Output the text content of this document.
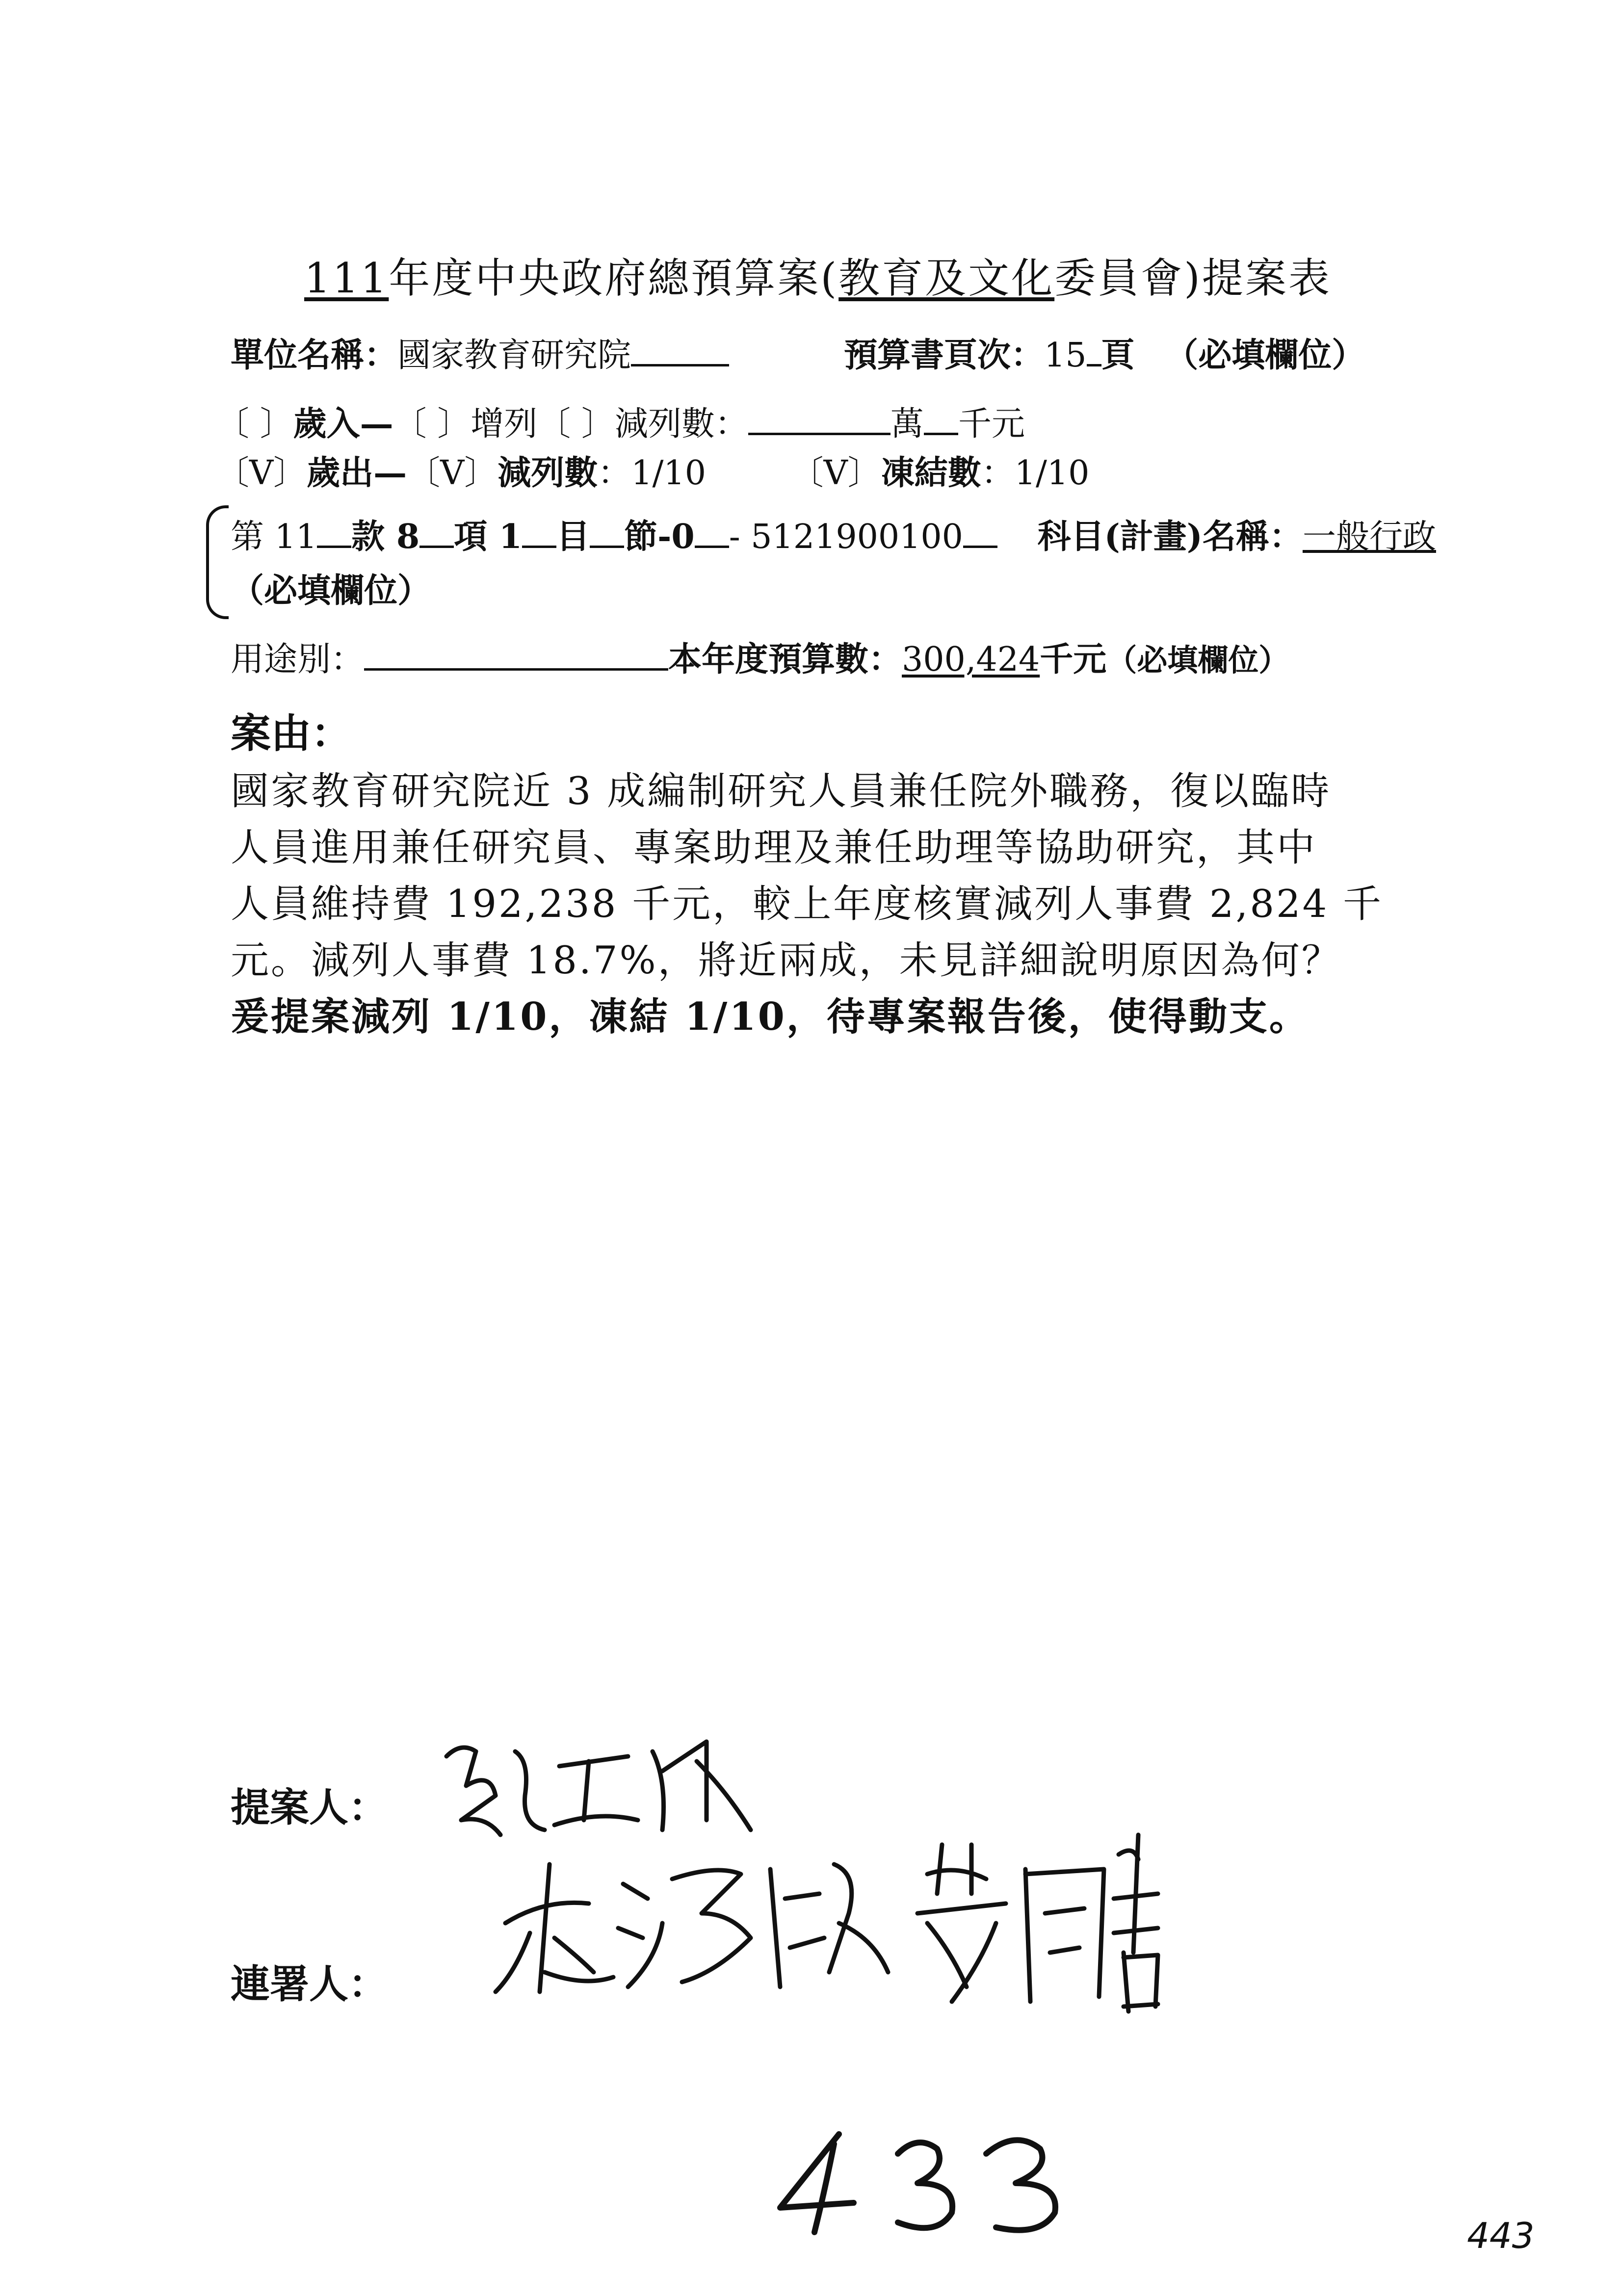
111年度中央政府總預算案(教育及文化委員會)提案表
單位名稱：國家教育研究院	預算書頁次：15 頁 （必填欄位）
〔 〕歲入—〔 〕增列〔 〕減列數：	萬 千元
〔V〕歲出—〔V〕減列數：1/10	〔V〕凍結數：1/10
第 11 款 8 項 1 目 節-0 - 5121900100 科目(計畫)名稱：一般行政
（必填欄位）
用途別：	本年度預算數：300,424千元（必填欄位）
案由：
國家教育研究院近 3 成編制研究人員兼任院外職務，復以臨時
人員進用兼任研究員、專案助理及兼任助理等協助研究，其中
人員維持費 192,238 千元，較上年度核實減列人事費 2,824 千
元。減列人事費 18.7%，將近兩成，未見詳細說明原因為何？
爰提案減列 1/10，凍結 1/10，待專案報告後，使得動支。
提案人：
連署人：
433
443
